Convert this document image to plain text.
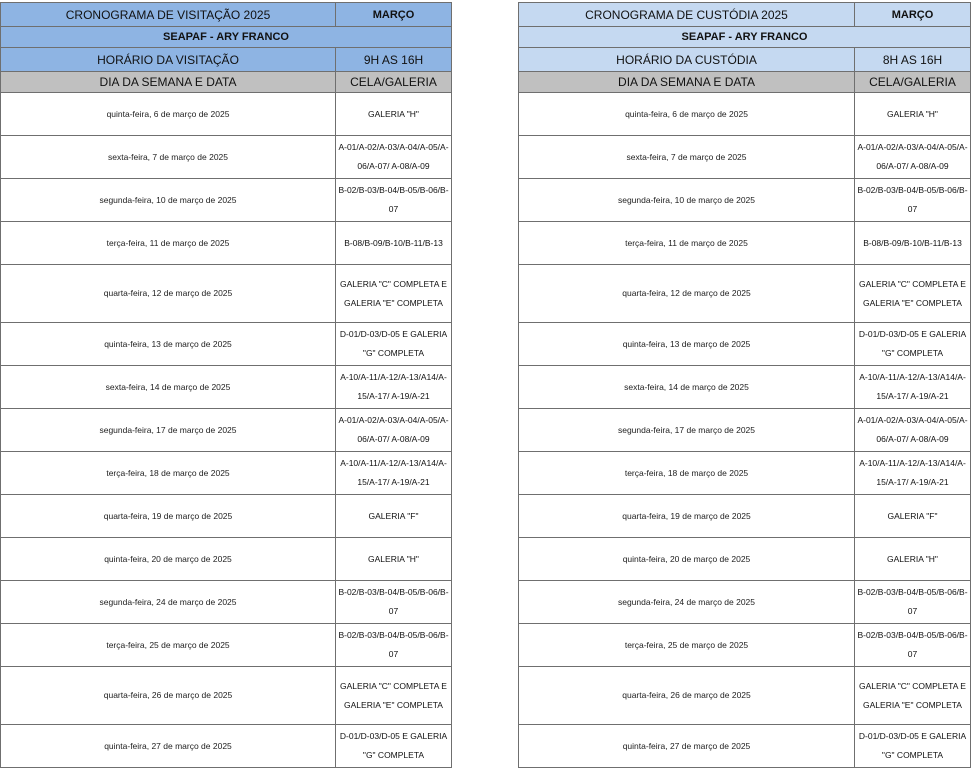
CRONOGRAMA DE VISITAÇÃO 2025	MARÇO
SEAPAF - ARY FRANCO	
HORÁRIO DA VISITAÇÃO	9H AS 16H
DIA DA SEMANA E DATA	CELA/GALERIA
quinta-feira, 6 de março de 2025	GALERIA "H"
sexta-feira, 7 de março de 2025	A-01/A-02/A-03/A-04/A-05/A-06/A-07/ A-08/A-09
segunda-feira, 10 de março de 2025	B-02/B-03/B-04/B-05/B-06/B-07
terça-feira, 11 de março de 2025	B-08/B-09/B-10/B-11/B-13
quarta-feira, 12 de março de 2025	GALERIA "C" COMPLETA E GALERIA "E" COMPLETA
quinta-feira, 13 de março de 2025	D-01/D-03/D-05 E GALERIA "G" COMPLETA
sexta-feira, 14 de março de 2025	A-10/A-11/A-12/A-13/A14/A-15/A-17/ A-19/A-21
segunda-feira, 17 de março de 2025	A-01/A-02/A-03/A-04/A-05/A-06/A-07/ A-08/A-09
terça-feira, 18 de março de 2025	A-10/A-11/A-12/A-13/A14/A-15/A-17/ A-19/A-21
quarta-feira, 19 de março de 2025	GALERIA "F"
quinta-feira, 20 de março de 2025	GALERIA "H"
segunda-feira, 24 de março de 2025	B-02/B-03/B-04/B-05/B-06/B-07
terça-feira, 25 de março de 2025	B-02/B-03/B-04/B-05/B-06/B-07
quarta-feira, 26 de março de 2025	GALERIA "C" COMPLETA E GALERIA "E" COMPLETA
quinta-feira, 27 de março de 2025	D-01/D-03/D-05 E GALERIA "G" COMPLETA
CRONOGRAMA DE CUSTÓDIA 2025	MARÇO
SEAPAF - ARY FRANCO	
HORÁRIO DA CUSTÓDIA	8H AS 16H
DIA DA SEMANA E DATA	CELA/GALERIA
quinta-feira, 6 de março de 2025	GALERIA "H"
sexta-feira, 7 de março de 2025	A-01/A-02/A-03/A-04/A-05/A-06/A-07/ A-08/A-09
segunda-feira, 10 de março de 2025	B-02/B-03/B-04/B-05/B-06/B-07
terça-feira, 11 de março de 2025	B-08/B-09/B-10/B-11/B-13
quarta-feira, 12 de março de 2025	GALERIA "C" COMPLETA E GALERIA "E" COMPLETA
quinta-feira, 13 de março de 2025	D-01/D-03/D-05 E GALERIA "G" COMPLETA
sexta-feira, 14 de março de 2025	A-10/A-11/A-12/A-13/A14/A-15/A-17/ A-19/A-21
segunda-feira, 17 de março de 2025	A-01/A-02/A-03/A-04/A-05/A-06/A-07/ A-08/A-09
terça-feira, 18 de março de 2025	A-10/A-11/A-12/A-13/A14/A-15/A-17/ A-19/A-21
quarta-feira, 19 de março de 2025	GALERIA "F"
quinta-feira, 20 de março de 2025	GALERIA "H"
segunda-feira, 24 de março de 2025	B-02/B-03/B-04/B-05/B-06/B-07
terça-feira, 25 de março de 2025	B-02/B-03/B-04/B-05/B-06/B-07
quarta-feira, 26 de março de 2025	GALERIA "C" COMPLETA E GALERIA "E" COMPLETA
quinta-feira, 27 de março de 2025	D-01/D-03/D-05 E GALERIA "G" COMPLETA
